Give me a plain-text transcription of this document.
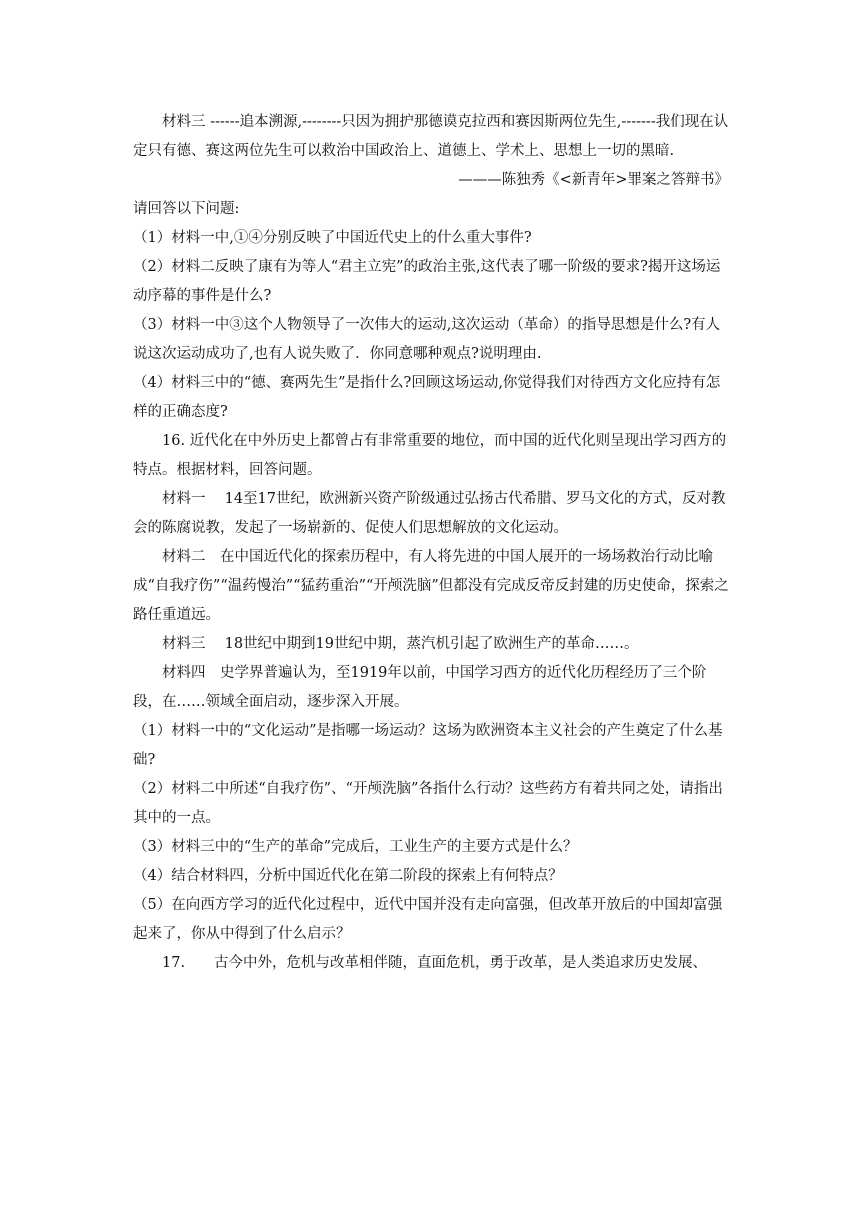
材料三 ------追本溯源,--------只因为拥护那德谟克拉西和赛因斯两位先生,-------我们现在认定只有德、赛这两位先生可以救治中国政治上、道德上、学术上、思想上一切的黑暗.

———陈独秀《<新青年>罪案之答辩书》

请回答以下问题:

（1）材料一中,①④分别反映了中国近代史上的什么重大事件?

（2）材料二反映了康有为等人“君主立宪”的政治主张,这代表了哪一阶级的要求?揭开这场运动序幕的事件是什么?

（3）材料一中③这个人物领导了一次伟大的运动,这次运动（革命）的指导思想是什么?有人说这次运动成功了,也有人说失败了．你同意哪种观点?说明理由.

（4）材料三中的“德、赛两先生”是指什么?回顾这场运动,你觉得我们对待西方文化应持有怎样的正确态度?

16. 近代化在中外历史上都曾占有非常重要的地位，而中国的近代化则呈现出学习西方的特点。根据材料，回答问题。

材料一　 14至17世纪，欧洲新兴资产阶级通过弘扬古代希腊、罗马文化的方式，反对教会的陈腐说教，发起了一场崭新的、促使人们思想解放的文化运动。

材料二　在中国近代化的探索历程中，有人将先进的中国人展开的一场场救治行动比喻成“自我疗伤”“温药慢治”“猛药重治”“开颅洗脑”但都没有完成反帝反封建的历史使命，探索之路任重道远。

材料三　 18世纪中期到19世纪中期，蒸汽机引起了欧洲生产的革命……。

材料四　史学界普遍认为，至1919年以前，中国学习西方的近代化历程经历了三个阶段，在……领域全面启动，逐步深入开展。

（1）材料一中的“文化运动”是指哪一场运动？这场为欧洲资本主义社会的产生奠定了什么基础?

（2）材料二中所述“自我疗伤”、“开颅洗脑”各指什么行动？这些药方有着共同之处，请指出其中的一点。

（3）材料三中的“生产的革命”完成后，工业生产的主要方式是什么？

（4）结合材料四，分析中国近代化在第二阶段的探索上有何特点？

（5）在向西方学习的近代化过程中，近代中国并没有走向富强，但改革开放后的中国却富强起来了，你从中得到了什么启示？

17.　　古今中外，危机与改革相伴随，直面危机，勇于改革，是人类追求历史发展、
